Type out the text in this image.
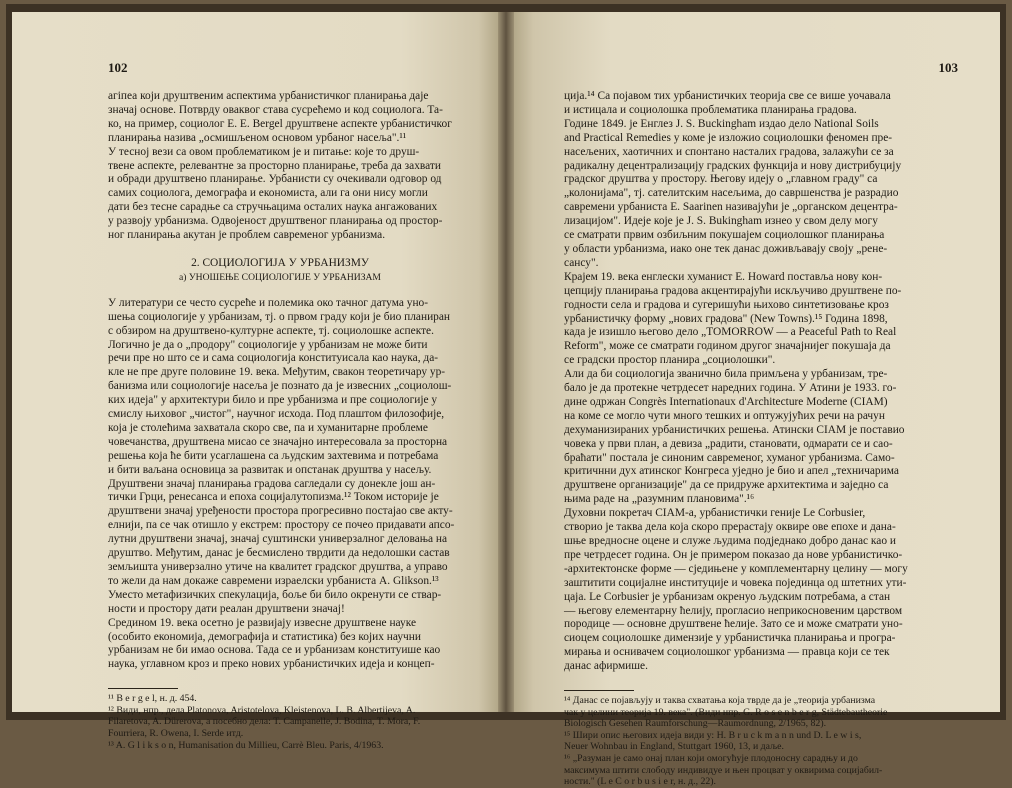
102
агіпеа који друштвеним аспектима урбанистичког планирања даје
значај основе. Потврду оваквог става сусрећемо и код социолога. Та-
ко, на пример, социолог E. E. Bergel друштвене аспекте урбанистичког
планирања назива „осмишљеном основом урбаног насеља".¹¹
У тесној вези са овом проблематиком је и питање: које то друш-
твене аспекте, релевантне за просторно планирање, треба да захвати
и обради друштвено планирање. Урбанисти су очекивали одговор од
самих социолога, демографа и економиста, али га они нису могли
дати без тесне сарадње са стручњацима осталих наука ангажованих
у развоју урбанизма. Одвојеност друштвеног планирања од простор-
ног планирања акутан је проблем савременог урбанизма.
2. СОЦИОЛОГИЈА У УРБАНИЗМУ
а) УНОШЕЊЕ СОЦИОЛОГИЈЕ У УРБАНИЗАМ
У литератури се често сусреће и полемика око тачног датума уно-
шења социологије у урбанизам, тј. о првом граду који је био планиран
с обзиром на друштвено-културне аспекте, тј. социолошке аспекте.
Логично је да о „продору" социологије у урбанизам не може бити
речи пре но што се и сама социологија конституисала као наука, да-
кле не пре друге половине 19. века. Међутим, свакон теоретичару ур-
банизма или социологије насеља је познато да је извесних „социолош-
ких идеја" у архитектури било и пре урбанизма и пре социологије у
смислу њиховог „чистог", научног исхода. Под плаштом филозофије,
која је столећима захватала скоро све, па и хуманитарне проблеме
човечанства, друштвена мисао се значајно интересовала за просторна
решења која ће бити усаглашена са људским захтевима и потребама
и бити ваљана основица за развитак и опстанак друштва у насељу.
Друштвени значај планирања градова сагледали су донекле још ан-
тички Грци, ренесанса и епоха социјалутопизма.¹² Током историје је
друштвени значај уређености простора прогресивно постајао све акту-
елнији, па се чак отишло у екстрем: простору се почео придавати апсо-
лутни друштвени значај, значај суштински универзалног деловања на
друштво. Међутим, данас је бесмислено тврдити да недолошки састав
земљишта универзално утиче на квалитет градског друштва, а управо
то жели да нам докаже савремени израелски урбаниста A. Glikson.¹³
Уместо метафизичких спекулација, боље би било окренути се ствар-
ности и простору дати реалан друштвени значај!
Средином 19. века осетно је развијају извесне друштвене науке
(особито економија, демографија и статистика) без којих научни
урбанизам не би имао основа. Тада се и урбанизам конституише као
наука, углавном кроз и преко нових урбанистичких идеја и концеп-
¹¹ B e r g e l, н. д. 454.
¹² Види, нпр., дела Platonova, Aristotelova, Kleistenova, L. B. Albertijeva, A.
Filaretova, A. Dürerova, а посебно дела: T. Campanelle, J. Bodina, T. Mora, F.
Fourriera, R. Owena, I. Serde итд.
¹³ A. G l i k s o n, Humanisation du Millieu, Carrè Bleu. Paris, 4/1963.
103
ција.¹⁴ Са појавом тих урбанистичких теорија све се више уочавала
и истицала и социолошка проблематика планирања градова.
Године 1849. је Енглез J. S. Buckingham издао дело National Soils
and Practical Remedies у коме је изложио социолошки феномен пре-
насељених, хаотичних и спонтано насталих градова, залажући се за
радикалну децентрализацију градских функција и нову дистрибуцију
градског друштва у простору. Његову идеју о „главном граду" са
„колонијама", тј. сателитским насељима, до савршенства је разрадио
савремени урбаниста E. Saarinen називајући је „органском децентра-
лизацијом". Идеје које је J. S. Bukingham изнео у свом делу могу
се сматрати првим озбиљним покушајем социолошког планирања
у области урбанизма, иако оне тек данас доживљавају своју „ренe-
сансу".
Крајем 19. века енглески хуманист E. Howard поставља нову кон-
цепцију планирања градова акцентирајући искључиво друштвене по-
годности села и градова и сугеришући њихово синтетизовање кроз
урбанистичку форму „нових градова" (New Towns).¹⁵ Година 1898,
када је изишло његово дело „TOMORROW — a Peaceful Path to Real
Reform", може се сматрати годином другог значајнијег покушаја да
се градски простор планира „социолошки".
Али да би социологија званично била примљена у урбанизам, тре-
бало је да протекне четрдесет наредних година. У Атини је 1933. го-
дине одржан Congrès Internationaux d'Architecture Moderne (CIAM)
на коме се могло чути много тешких и оптужујућих речи на рачун
дехуманизираних урбанистичких решења. Атински CIAM је поставио
човека у први план, а девиза „радити, становати, одмарати се и сао-
браћати" постала је синоним савременог, хуманог урбанизма. Само-
критичнни дух атинског Конгреса уједно је био и апел „техничарима
друштвене организације" да се придруже архитектима и заједно са
њима раде на „разумним плановима".¹⁶
Духовни покретач CIAM-а, урбанистички геније Le Corbusier,
створио је таква дела која скоро прерастају оквире ове епохе и дана-
шње вредносне оцене и служе људима подједнако добро данас као и
пре четрдесет година. Он је примером показао да нове урбанистичко-
-архитектонске форме — сједињене у комплементарну целину — могу
заштитити социјалне институције и човека појединца од штетних ути-
цаја. Le Corbusier је урбанизам окренуо људским потребама, а стан
— његову елементарну ћелију, прогласио неприкосновеним царством
породице — основне друштвене ћелије. Зато се и може сматрати уно-
сиоцем социолошке димензије у урбанистичка планирања и програ-
мирања и оснивачем социолошког урбанизма — правца који се тек
данас афирмише.
¹⁴ Данас се појављују и таква схватања која тврде да је „теорија урбанизма
чак у целини теорија 19. века". (Види нпр. G. R o s e n b e r g, Städtebautheorie
Biologisch Gesehen Raumforschung—Raumordnung, 2/1965, 82).
¹⁵ Шири опис његових идеја види у: H. B r u c k m a n n und D. L e w i s,
Neuer Wohnbau in England, Stuttgart 1960, 13, и даље.
¹⁶ „Разуман је само онај план који омогућује плодоносну сарадњу и до
максимума штити слободу индивидуе и њен процват у оквирима социјабил-
ности." (L e C o r b u s i e r, н. д., 22).
